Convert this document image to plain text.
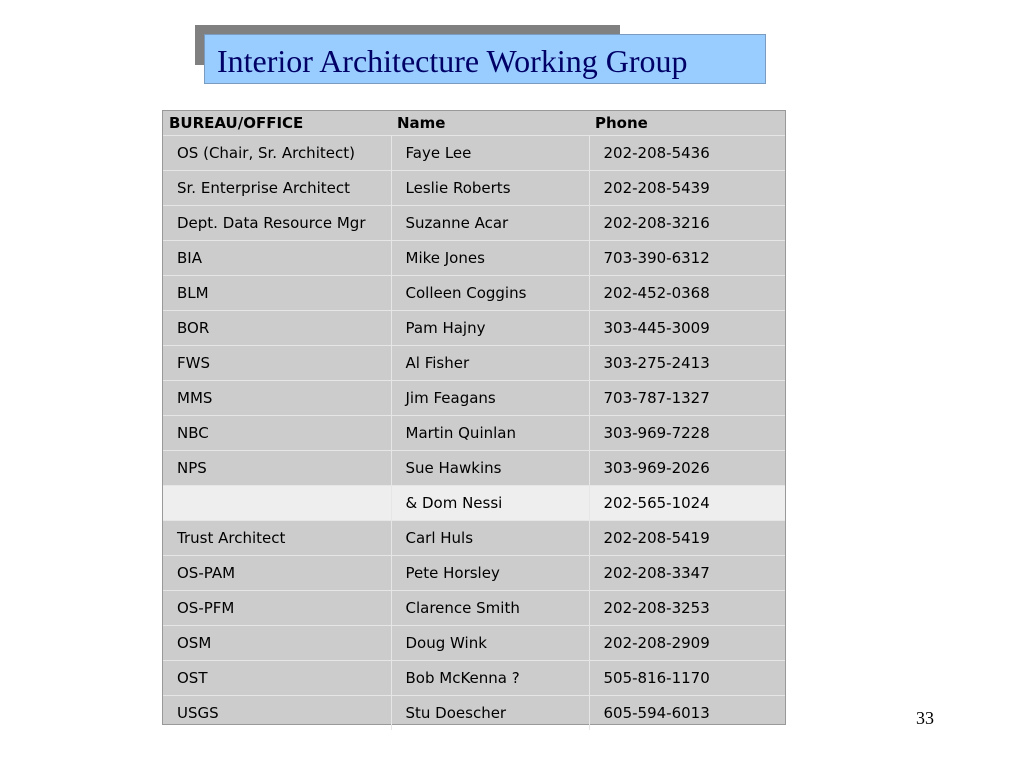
Interior Architecture Working Group
BUREAU/OFFICE	Name	Phone
OS (Chair, Sr. Architect)	Faye Lee	202-208-5436
Sr. Enterprise Architect	Leslie Roberts	202-208-5439
Dept. Data Resource Mgr	Suzanne Acar	202-208-3216
BIA	Mike Jones	703-390-6312
BLM	Colleen Coggins	202-452-0368
BOR	Pam Hajny	303-445-3009
FWS	Al Fisher	303-275-2413
MMS	Jim Feagans	703-787-1327
NBC	Martin Quinlan	303-969-7228
NPS	Sue Hawkins	303-969-2026
	& Dom Nessi	202-565-1024
Trust Architect	Carl Huls	202-208-5419
OS-PAM	Pete Horsley	202-208-3347
OS-PFM	Clarence Smith	202-208-3253
OSM	Doug Wink	202-208-2909
OST	Bob McKenna ?	505-816-1170
USGS	Stu Doescher	605-594-6013	33
